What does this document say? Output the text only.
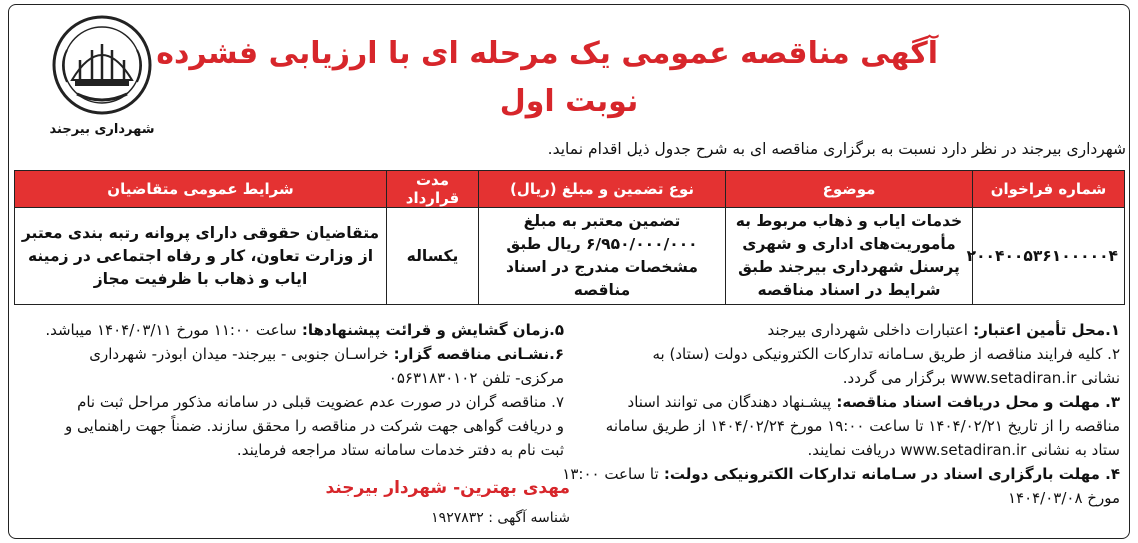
شهرداری بیرجند
آگهی مناقصه عمومی یک مرحله ای با ارزیابی فشرده
نوبت اول
شهرداری بیرجند در نظر دارد نسبت به برگزاری مناقصه ای به شرح جدول ذیل اقدام نماید.
شماره فراخوان	موضوع	نوع تضمین و مبلغ (ریال)	مدت قرارداد	شرایط عمومی متقاضیان
۲۰۰۴۰۰۵۳۶۱۰۰۰۰۰۴	خدمات ایاب و ذهاب مربوط به مأموریت‌های اداری و شهری پرسنل شهرداری بیرجند طبق شرایط در اسناد مناقصه	تضمین معتبر به مبلغ ۶/۹۵۰/۰۰۰/۰۰۰ ریال طبق مشخصات مندرج در اسناد مناقصه	یکساله	متقاضیان حقوقی دارای پروانه رتبه بندی معتبر از وزارت تعاون، کار و رفاه اجتماعی در زمینه ایاب و ذهاب با ظرفیت مجاز
۱.محل تأمین اعتبار: اعتبارات داخلی شهرداری بیرجند
۲. کلیه فرایند مناقصه از طریق سـامانه تدارکات الکترونیکی دولت (ستاد) به
نشانی www.setadiran.ir برگزار می گردد.
۳. مهلت و محل دریافت اسناد مناقصه: پیشـنهاد دهندگان می توانند اسناد
مناقصه را از تاریخ ۱۴۰۴/۰۲/۲۱ تا ساعت ۱۹:۰۰ مورخ ۱۴۰۴/۰۲/۲۴ از طریق سامانه
ستاد به نشانی www.setadiran.ir دریافت نمایند.
۴. مهلت بارگزاری اسناد در سـامانه تدارکات الکترونیکی دولت: تا ساعت ۱۳:۰۰
مورخ ۱۴۰۴/۰۳/۰۸
۵.زمان گشایش و قرائت پیشنهادها: ساعت ۱۱:۰۰ مورخ ۱۴۰۴/۰۳/۱۱ میباشد.
۶.نشـانی مناقصه گزار: خراسـان جنوبی - بیرجند- میدان ابوذر- شهرداری
مرکزی- تلفن ۰۵۶۳۱۸۳۰۱۰۲
۷. مناقصه گران در صورت عدم عضویت قبلی در سامانه مذکور مراحل ثبت نام
و دریافت گواهی جهت شرکت در مناقصه را محقق سازند. ضمناً جهت راهنمایی و
ثبت نام به دفتر خدمات سامانه ستاد مراجعه فرمایند.
مهدی بهترین- شهردار بیرجند
شناسه آگهی : ۱۹۲۷۸۳۲
